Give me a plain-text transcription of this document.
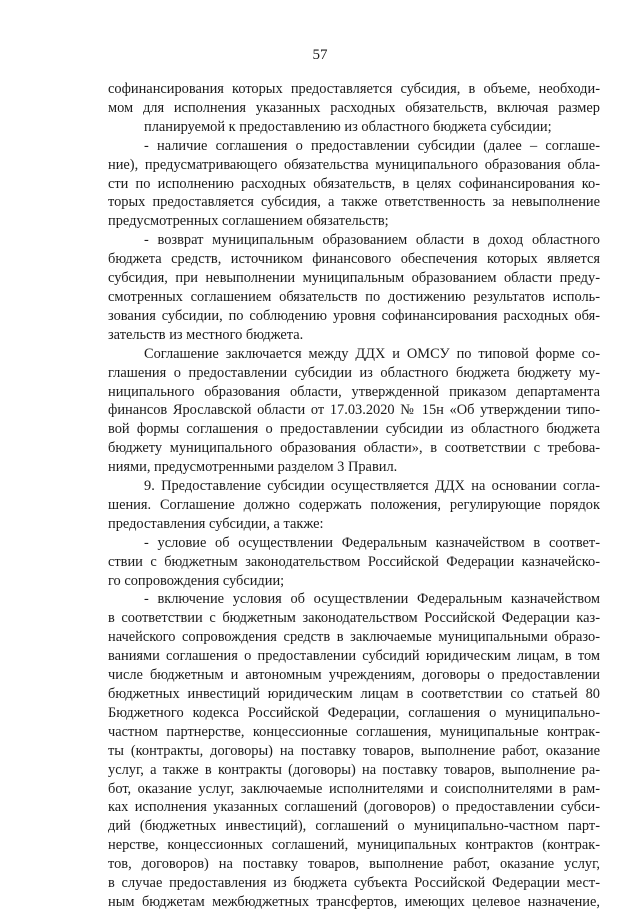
57

софинансирования которых предоставляется субсидия, в объеме, необходи-

мом для исполнения указанных расходных обязательств, включая размер

планируемой к предоставлению из областного бюджета субсидии;

- наличие соглашения о предоставлении субсидии (далее – соглаше-

ние), предусматривающего обязательства муниципального образования обла-

сти по исполнению расходных обязательств, в целях софинансирования ко-

торых предоставляется субсидия, а также ответственность за невыполнение

предусмотренных соглашением обязательств;

- возврат муниципальным образованием области в доход областного

бюджета средств, источником финансового обеспечения которых является

субсидия, при невыполнении муниципальным образованием области преду-

смотренных соглашением обязательств по достижению результатов исполь-

зования субсидии, по соблюдению уровня софинансирования расходных обя-

зательств из местного бюджета.

Соглашение заключается между ДДХ и ОМСУ по типовой форме со-

глашения о предоставлении субсидии из областного бюджета бюджету му-

ниципального образования области, утвержденной приказом департамента

финансов Ярославской области от 17.03.2020 № 15н «Об утверждении типо-

вой формы соглашения о предоставлении субсидии из областного бюджета

бюджету муниципального образования области», в соответствии с требова-

ниями, предусмотренными разделом 3 Правил.

9. Предоставление субсидии осуществляется ДДХ на основании согла-

шения. Соглашение должно содержать положения, регулирующие порядок

предоставления субсидии, а также:

- условие об осуществлении Федеральным казначейством в соответ-

ствии с бюджетным законодательством Российской Федерации казначейско-

го сопровождения субсидии;

- включение условия об осуществлении Федеральным казначейством

в соответствии с бюджетным законодательством Российской Федерации каз-

начейского сопровождения средств в заключаемые муниципальными образо-

ваниями соглашения о предоставлении субсидий юридическим лицам, в том

числе бюджетным и автономным учреждениям, договоры о предоставлении

бюджетных инвестиций юридическим лицам в соответствии со статьей 80

Бюджетного кодекса Российской Федерации, соглашения о муниципально-

частном партнерстве, концессионные соглашения, муниципальные контрак-

ты (контракты, договоры) на поставку товаров, выполнение работ, оказание

услуг, а также в контракты (договоры) на поставку товаров, выполнение ра-

бот, оказание услуг, заключаемые исполнителями и соисполнителями в рам-

ках исполнения указанных соглашений (договоров) о предоставлении субси-

дий (бюджетных инвестиций), соглашений о муниципально-частном парт-

нерстве, концессионных соглашений, муниципальных контрактов (контрак-

тов, договоров) на поставку товаров, выполнение работ, оказание услуг,

в случае предоставления из бюджета субъекта Российской Федерации мест-

ным бюджетам межбюджетных трансфертов, имеющих целевое назначение,
